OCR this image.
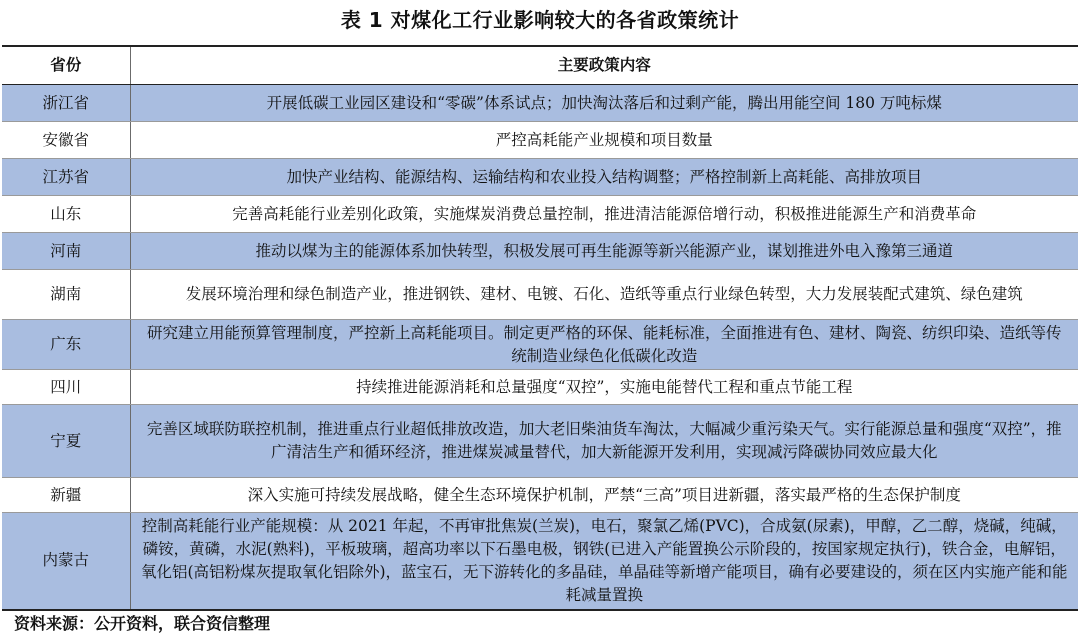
表 1 对煤化工行业影响较大的各省政策统计
省份	主要政策内容
浙江省	开展低碳工业园区建设和“零碳”体系试点；加快淘汰落后和过剩产能，腾出用能空间 180 万吨标煤
安徽省	严控高耗能产业规模和项目数量
江苏省	加快产业结构、能源结构、运输结构和农业投入结构调整；严格控制新上高耗能、高排放项目
山东	完善高耗能行业差别化政策，实施煤炭消费总量控制，推进清洁能源倍增行动，积极推进能源生产和消费革命
河南	推动以煤为主的能源体系加快转型，积极发展可再生能源等新兴能源产业，谋划推进外电入豫第三通道
湖南	发展环境治理和绿色制造产业，推进钢铁、建材、电镀、石化、造纸等重点行业绿色转型，大力发展装配式建筑、绿色建筑
广东	研究建立用能预算管理制度，严控新上高耗能项目。制定更严格的环保、能耗标准，全面推进有色、建材、陶瓷、纺织印染、造纸等传统制造业绿色化低碳化改造
四川	持续推进能源消耗和总量强度“双控”，实施电能替代工程和重点节能工程
宁夏	完善区域联防联控机制，推进重点行业超低排放改造，加大老旧柴油货车淘汰，大幅减少重污染天气。实行能源总量和强度“双控”，推广清洁生产和循环经济，推进煤炭减量替代，加大新能源开发利用，实现减污降碳协同效应最大化
新疆	深入实施可持续发展战略，健全生态环境保护机制，严禁“三高”项目进新疆，落实最严格的生态保护制度
内蒙古	控制高耗能行业产能规模：从 2021 年起，不再审批焦炭(兰炭)，电石，聚氯乙烯(PVC)，合成氨(尿素)，甲醇，乙二醇，烧碱，纯碱，磷铵，黄磷，水泥(熟料)，平板玻璃，超高功率以下石墨电极，钢铁(已进入产能置换公示阶段的，按国家规定执行)，铁合金，电解铝，氧化铝(高铝粉煤灰提取氧化铝除外)，蓝宝石，无下游转化的多晶硅，单晶硅等新增产能项目，确有必要建设的，须在区内实施产能和能耗减量置换
资料来源：公开资料，联合资信整理
